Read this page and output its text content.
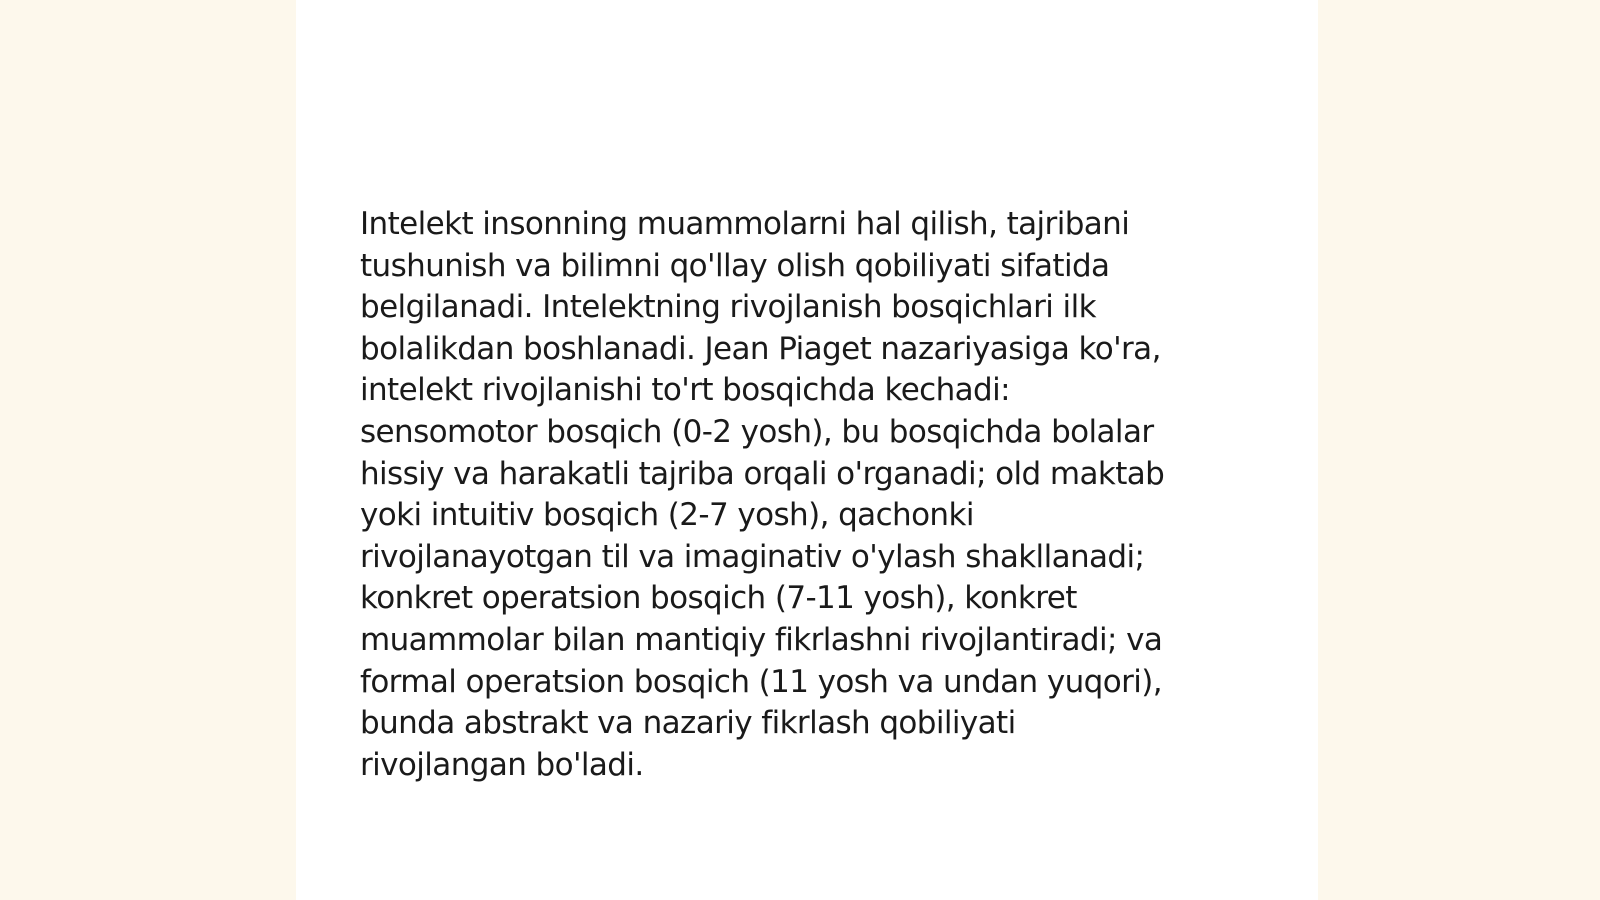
Intelekt insonning muammolarni hal qilish, tajribani
tushunish va bilimni qo'llay olish qobiliyati sifatida
belgilanadi. Intelektning rivojlanish bosqichlari ilk
bolalikdan boshlanadi. Jean Piaget nazariyasiga ko'ra,
intelekt rivojlanishi to'rt bosqichda kechadi:
sensomotor bosqich (0-2 yosh), bu bosqichda bolalar
hissiy va harakatli tajriba orqali o'rganadi; old maktab
yoki intuitiv bosqich (2-7 yosh), qachonki
rivojlanayotgan til va imaginativ o'ylash shakllanadi;
konkret operatsion bosqich (7-11 yosh), konkret
muammolar bilan mantiqiy fikrlashni rivojlantiradi; va
formal operatsion bosqich (11 yosh va undan yuqori),
bunda abstrakt va nazariy fikrlash qobiliyati
rivojlangan bo'ladi.
